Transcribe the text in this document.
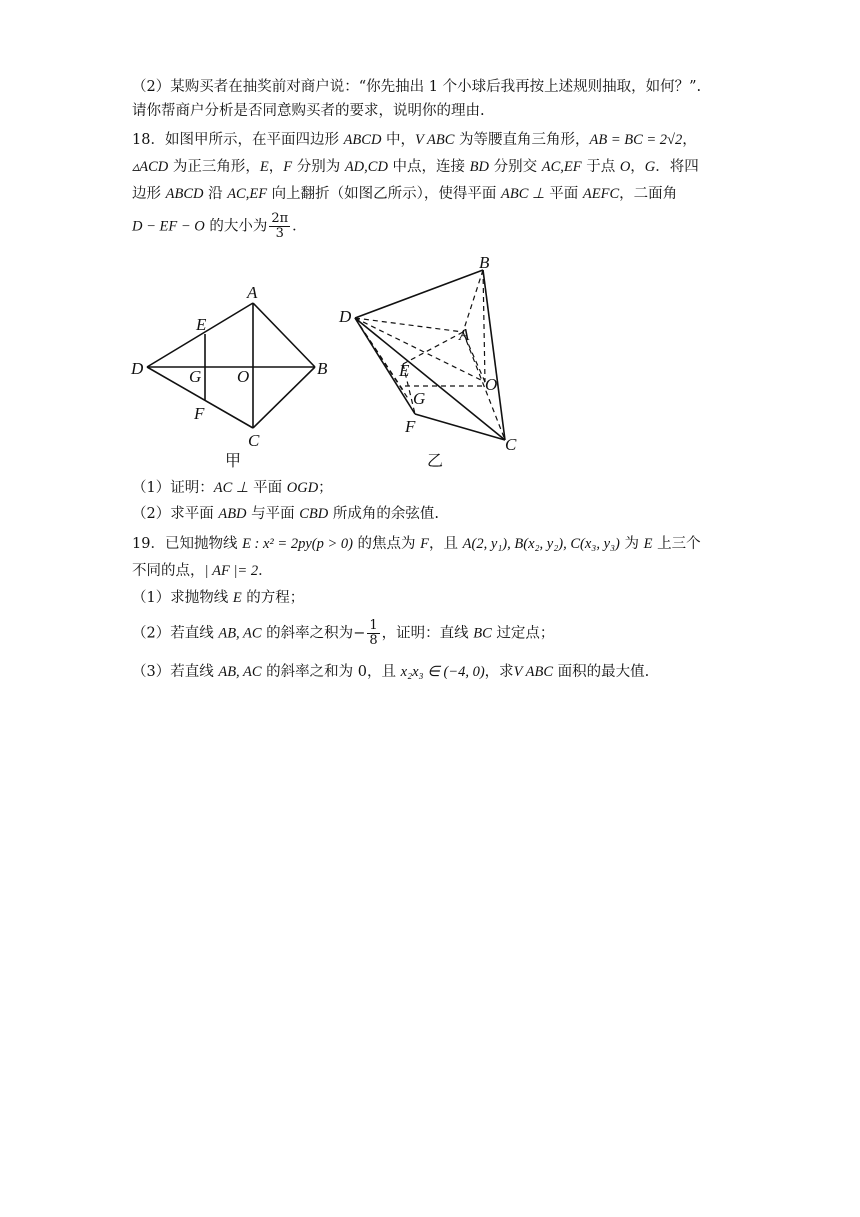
（2）某购买者在抽奖前对商户说：“你先抽出 1 个小球后我再按上述规则抽取，如何？”.
请你帮商户分析是否同意购买者的要求，说明你的理由.
18．如图甲所示，在平面四边形 ABCD 中，V ABC 为等腰直角三角形，AB = BC = 2√2，
▵ACD 为正三角形，E，F 分别为 AD,CD 中点，连接 BD 分别交 AC,EF 于点 O，G．将四
边形 ABCD 沿 AC,EF 向上翻折（如图乙所示），使得平面 ABC ⊥ 平面 AEFC，二面角
D − EF − O 的大小为 $\frac{2\pi}{3}$ ．
A
B
C
D
E
F
G O
甲
B
A
D
E
O
G
F
C
乙
（1）证明：AC ⊥ 平面 OGD；
（2）求平面 ABD 与平面 CBD 所成角的余弦值.
19．已知抛物线 E : x² = 2py(p > 0) 的焦点为 F，且 A(2, y₁), B(x₂, y₂), C(x₃, y₃) 为 E 上三个
不同的点，| AF |= 2．
（1）求抛物线 E 的方程；
（2）若直线 AB, AC 的斜率之积为− $\frac{1}{8}$ ，证明：直线 BC 过定点；
（3）若直线 AB, AC 的斜率之和为 0，且 x₂x₃ ∈ (−4, 0)，求V ABC 面积的最大值.
